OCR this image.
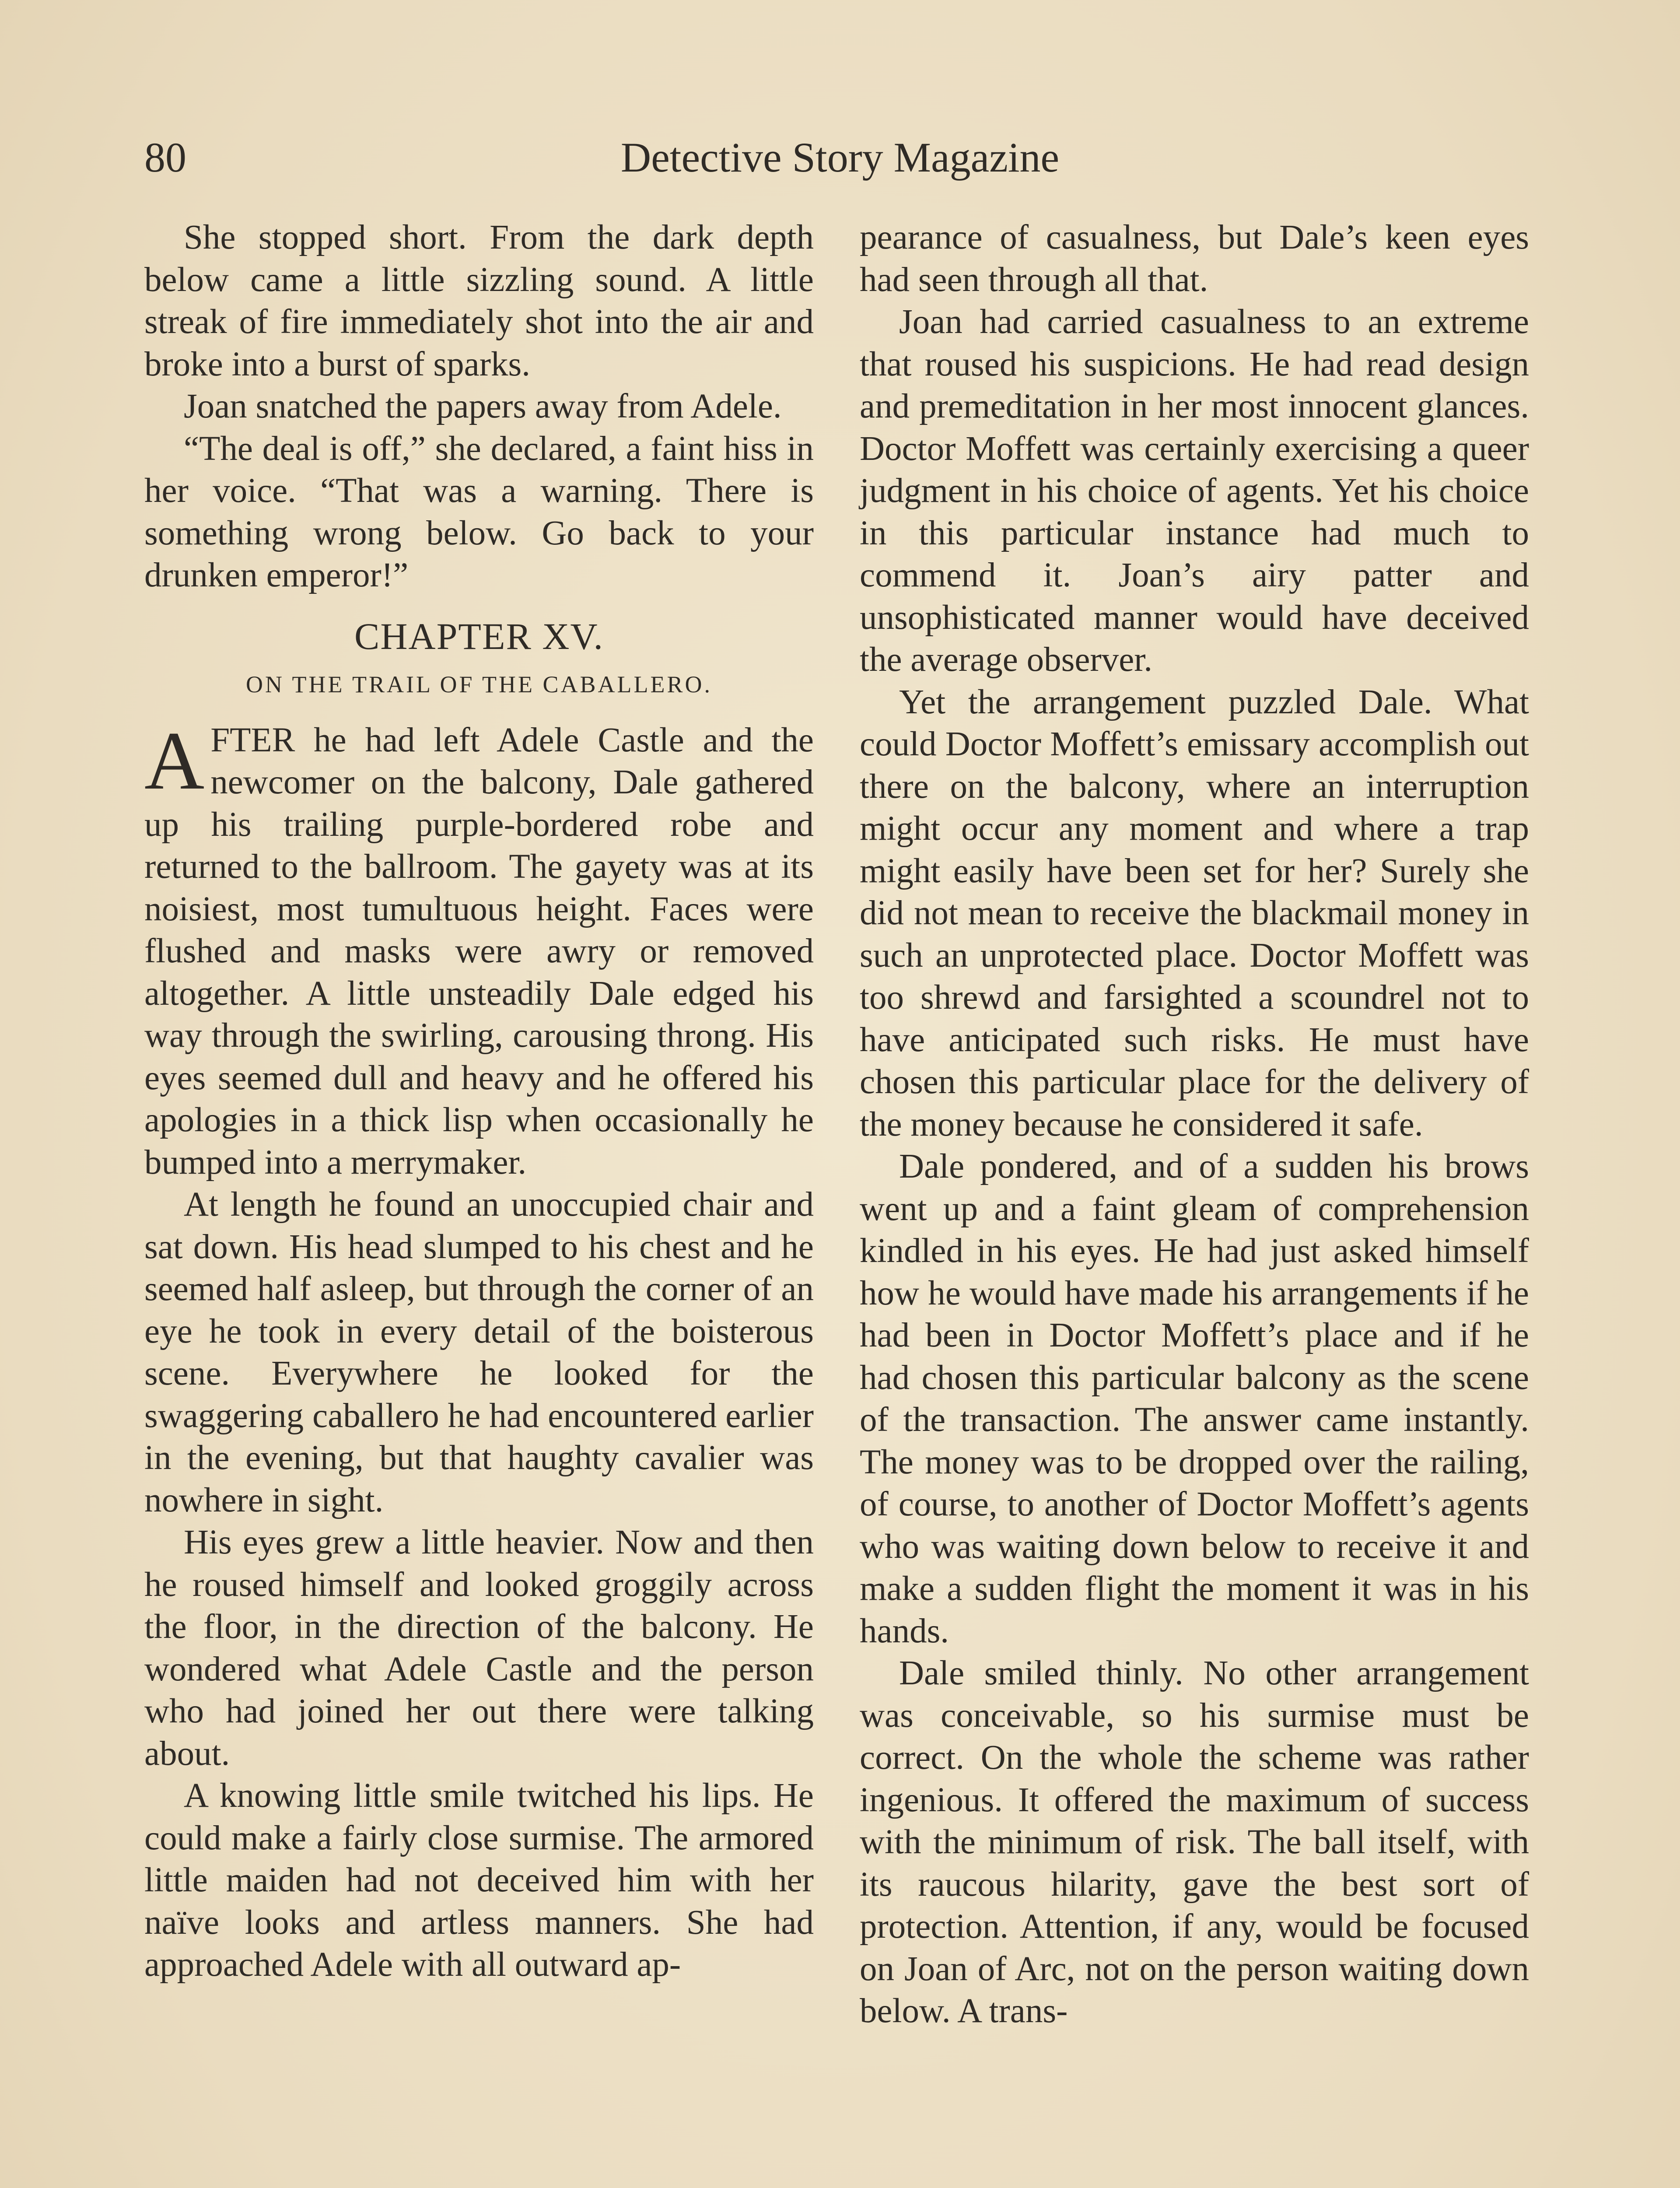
80	Detective Story Magazine

She stopped short. From the dark depth below came a little sizzling sound. A little streak of fire immediately shot into the air and broke into a burst of sparks.

Joan snatched the papers away from Adele.

“The deal is off,” she declared, a faint hiss in her voice. “That was a warning. There is something wrong below. Go back to your drunken emperor!”

CHAPTER XV.
ON THE TRAIL OF THE CABALLERO.

AFTER he had left Adele Castle and the newcomer on the balcony, Dale gathered up his trailing purple-bordered robe and returned to the ballroom. The gayety was at its noisiest, most tumultuous height. Faces were flushed and masks were awry or removed altogether. A little unsteadily Dale edged his way through the swirling, carousing throng. His eyes seemed dull and heavy and he offered his apologies in a thick lisp when occasionally he bumped into a merrymaker.

At length he found an unoccupied chair and sat down. His head slumped to his chest and he seemed half asleep, but through the corner of an eye he took in every detail of the boisterous scene. Everywhere he looked for the swaggering caballero he had encountered earlier in the evening, but that haughty cavalier was nowhere in sight.

His eyes grew a little heavier. Now and then he roused himself and looked groggily across the floor, in the direction of the balcony. He wondered what Adele Castle and the person who had joined her out there were talking about.

A knowing little smile twitched his lips. He could make a fairly close surmise. The armored little maiden had not deceived him with her naïve looks and artless manners. She had approached Adele with all outward ap-

pearance of casualness, but Dale’s keen eyes had seen through all that.

Joan had carried casualness to an extreme that roused his suspicions. He had read design and premeditation in her most innocent glances. Doctor Moffett was certainly exercising a queer judgment in his choice of agents. Yet his choice in this particular instance had much to commend it. Joan’s airy patter and unsophisticated manner would have deceived the average observer.

Yet the arrangement puzzled Dale. What could Doctor Moffett’s emissary accomplish out there on the balcony, where an interruption might occur any moment and where a trap might easily have been set for her? Surely she did not mean to receive the blackmail money in such an unprotected place. Doctor Moffett was too shrewd and farsighted a scoundrel not to have anticipated such risks. He must have chosen this particular place for the delivery of the money because he considered it safe.

Dale pondered, and of a sudden his brows went up and a faint gleam of comprehension kindled in his eyes. He had just asked himself how he would have made his arrangements if he had been in Doctor Moffett’s place and if he had chosen this particular balcony as the scene of the transaction. The answer came instantly. The money was to be dropped over the railing, of course, to another of Doctor Moffett’s agents who was waiting down below to receive it and make a sudden flight the moment it was in his hands.

Dale smiled thinly. No other arrangement was conceivable, so his surmise must be correct. On the whole the scheme was rather ingenious. It offered the maximum of success with the minimum of risk. The ball itself, with its raucous hilarity, gave the best sort of protection. Attention, if any, would be focused on Joan of Arc, not on the person waiting down below. A trans-
